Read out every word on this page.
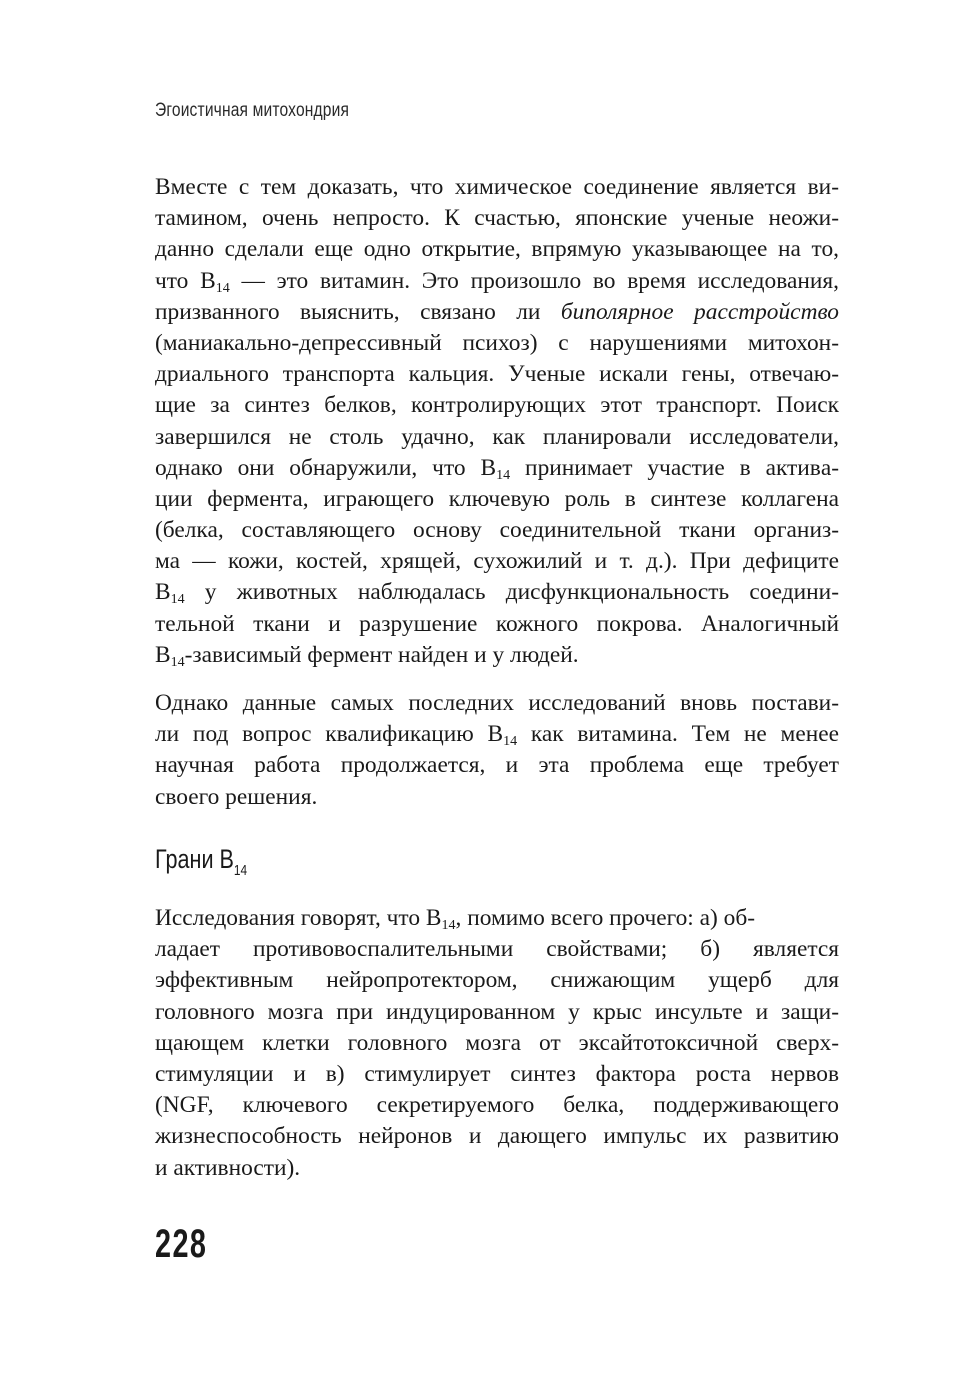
Эгоистичная митохондрия
Вместе с тем доказать, что химическое соединение является ви-
тамином, очень непросто. К счастью, японские ученые неожи-
данно сделали еще одно открытие, впрямую указывающее на то,
что $B_{14}$ — это витамин. Это произошло во время исследования,
призванного выяснить, связано ли биполярное расстройство
(маниакально-депрессивный психоз) с нарушениями митохон-
дриального транспорта кальция. Ученые искали гены, отвечаю-
щие за синтез белков, контролирующих этот транспорт. Поиск
завершился не столь удачно, как планировали исследователи,
однако они обнаружили, что $B_{14}$ принимает участие в активa-
ции фермента, играющего ключевую роль в синтезе коллагена
(белка, составляющего основу соединительной ткани организ-
ма — кожи, костей, хрящей, сухожилий и т. д.). При дефиците
$B_{14}$ у животных наблюдалась дисфункциональность соедини-
тельной ткани и разрушение кожного покрова. Аналогичный
$B_{14}$-зависимый фермент найден и у людей.
Однако данные самых последних исследований вновь постави-
ли под вопрос квалификацию $B_{14}$ как витамина. Тем не менее
научная работа продолжается, и эта проблема еще требует
своего решения.
Грани $B_{14}$
Исследования говорят, что $B_{14}$, помимо всего прочего: а) об-
ладает противовоспалительными свойствами; б) является
эффективным нейропротектором, снижающим ущерб для
головного мозга при индуцированном у крыс инсульте и защи-
щающем клетки головного мозга от эксайтотоксичной сверх-
стимуляции и в) стимулирует синтез фактора роста нервов
(NGF, ключевого секретируемого белка, поддерживающего
жизнеспособность нейронов и дающего импульс их развитию
и активности).
228
